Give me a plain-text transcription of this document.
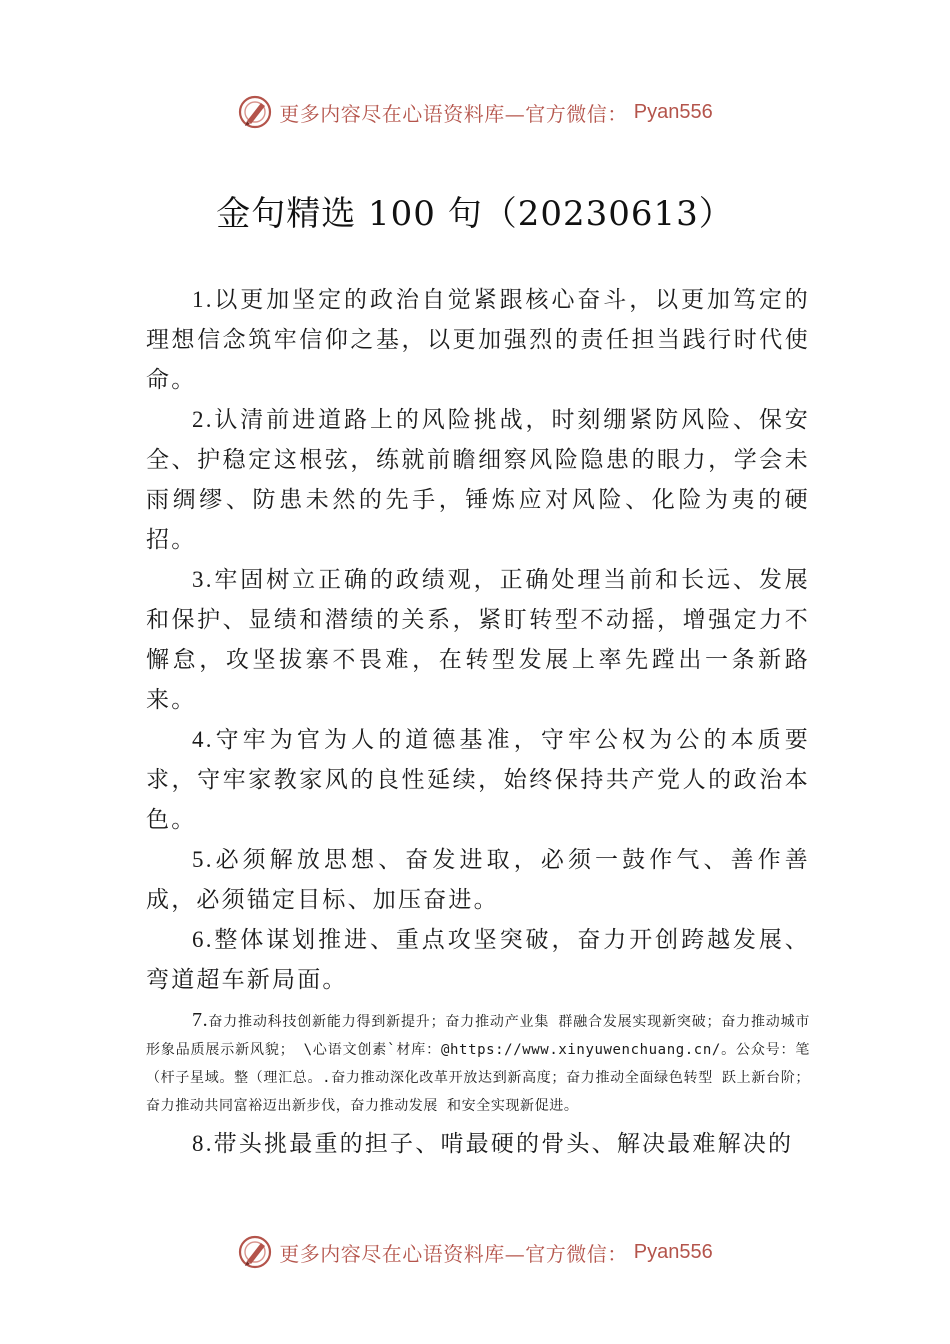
更多内容尽在心语资料库—官方微信： Pyan556
金句精选 100 句（20230613）

1.以更加坚定的政治自觉紧跟核心奋斗，以更加笃定的理想信念筑牢信仰之基，以更加强烈的责任担当践行时代使命。

2.认清前进道路上的风险挑战，时刻绷紧防风险、保安全、护稳定这根弦，练就前瞻细察风险隐患的眼力，学会未雨绸缪、防患未然的先手，锤炼应对风险、化险为夷的硬招。

3.牢固树立正确的政绩观，正确处理当前和长远、发展和保护、显绩和潜绩的关系，紧盯转型不动摇，增强定力不懈怠，攻坚拔寨不畏难，在转型发展上率先蹚出一条新路来。

4.守牢为官为人的道德基准，守牢公权为公的本质要求，守牢家教家风的良性延续，始终保持共产党人的政治本色。

5.必须解放思想、奋发进取，必须一鼓作气、善作善成，必须锚定目标、加压奋进。

6.整体谋划推进、重点攻坚突破，奋力开创跨越发展、弯道超车新局面。

7.奋力推动科技创新能力得到新提升；奋力推动产业集 群融合发展实现新突破；奋力推动城市形象品质展示新风貌； \心语文创素`材库：@https://www.xinyuwenchuang.cn/。公众号：笔（杆子星域。整（理汇总。.奋力推动深化改革开放达到新高度；奋力推动全面绿色转型 跃上新台阶；奋力推动共同富裕迈出新步伐，奋力推动发展 和安全实现新促进。

8.带头挑最重的担子、啃最硬的骨头、解决最难解决的

更多内容尽在心语资料库—官方微信： Pyan556
